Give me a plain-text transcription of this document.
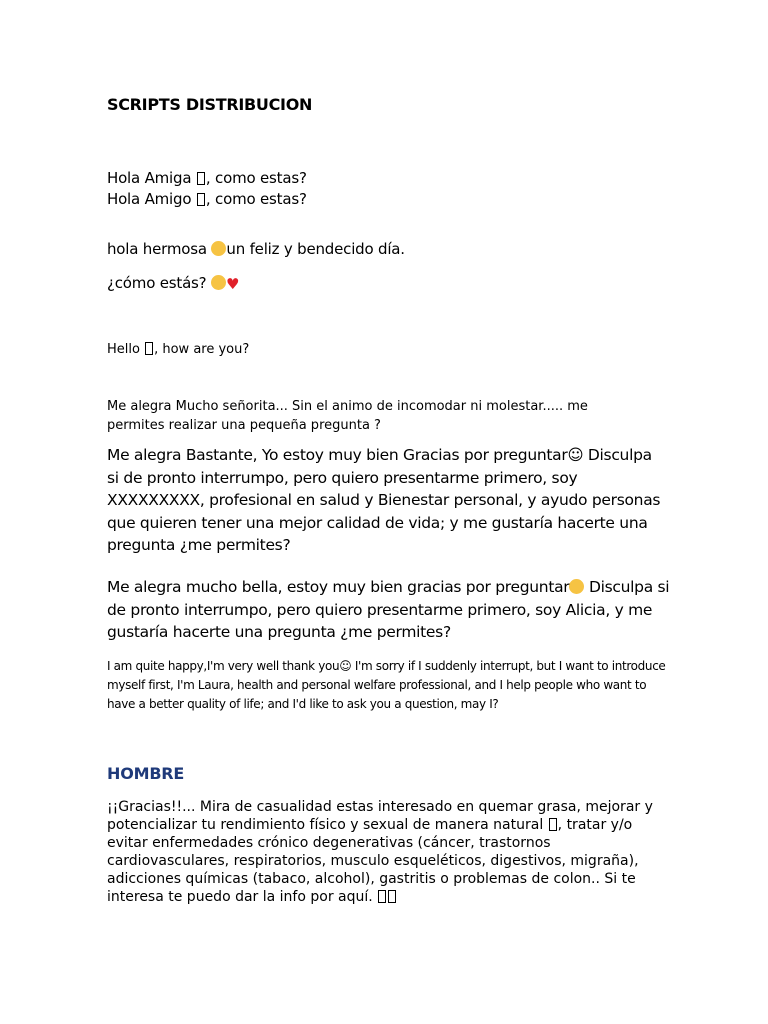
SCRIPTS DISTRIBUCION
Hola Amiga , como estas?
Hola Amigo , como estas?
hola hermosa un feliz y bendecido día.
¿cómo estás? ♥
Hello , how are you?
Me alegra Mucho señorita... Sin el animo de incomodar ni molestar..... me permites realizar una pequeña pregunta ?
Me alegra Bastante, Yo estoy muy bien Gracias por preguntar☺ Disculpa si de pronto interrumpo, pero quiero presentarme primero, soy XXXXXXXXX, profesional en salud y Bienestar personal, y ayudo personas que quieren tener una mejor calidad de vida; y me gustaría hacerte una pregunta ¿me permites?
Me alegra mucho bella, estoy muy bien gracias por preguntar Disculpa si de pronto interrumpo, pero quiero presentarme primero, soy Alicia, y me gustaría hacerte una pregunta ¿me permites?
I am quite happy,I'm very well thank you☺ I'm sorry if I suddenly interrupt, but I want to introduce myself first, I'm Laura, health and personal welfare professional, and I help people who want to have a better quality of life; and I'd like to ask you a question, may I?
HOMBRE
¡¡Gracias!!... Mira de casualidad estas interesado en quemar grasa, mejorar y potencializar tu rendimiento físico y sexual de manera natural , tratar y/o evitar enfermedades crónico degenerativas (cáncer, trastornos cardiovasculares, respiratorios, musculo esqueléticos, digestivos, migraña), adicciones químicas (tabaco, alcohol), gastritis o problemas de colon.. Si te interesa te puedo dar la info por aquí.
